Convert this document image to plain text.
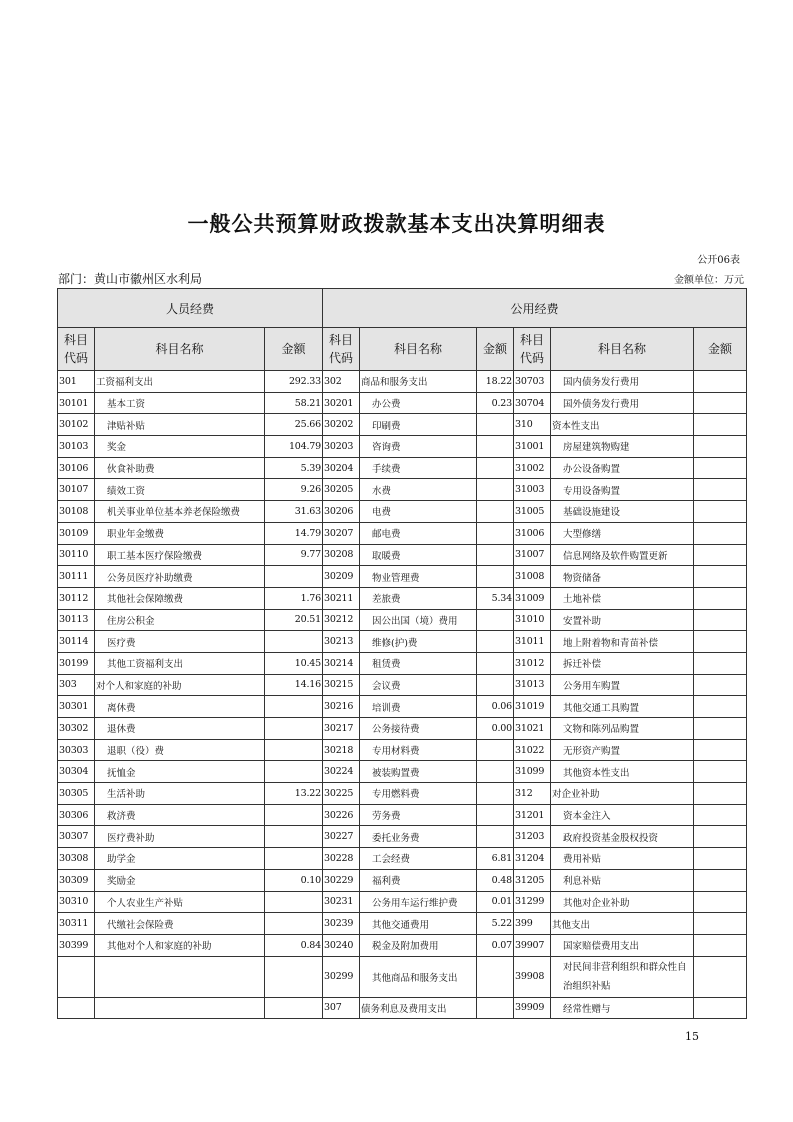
一般公共预算财政拨款基本支出决算明细表
公开06表
部门：黄山市徽州区水利局	金额单位：万元
人员经费			公用经费					
科目代码	科目名称	金额	科目代码	科目名称	金额	科目代码	科目名称	金额
301	工资福利支出	292.33	302	商品和服务支出	18.22	30703	国内债务发行费用	
30101	基本工资	58.21	30201	办公费	0.23	30704	国外债务发行费用	
30102	津贴补贴	25.66	30202	印刷费		310	资本性支出	
30103	奖金	104.79	30203	咨询费		31001	房屋建筑物购建	
30106	伙食补助费	5.39	30204	手续费		31002	办公设备购置	
30107	绩效工资	9.26	30205	水费		31003	专用设备购置	
30108	机关事业单位基本养老保险缴费	31.63	30206	电费		31005	基础设施建设	
30109	职业年金缴费	14.79	30207	邮电费		31006	大型修缮	
30110	职工基本医疗保险缴费	9.77	30208	取暖费		31007	信息网络及软件购置更新	
30111	公务员医疗补助缴费		30209	物业管理费		31008	物资储备	
30112	其他社会保障缴费	1.76	30211	差旅费	5.34	31009	土地补偿	
30113	住房公积金	20.51	30212	因公出国（境）费用		31010	安置补助	
30114	医疗费		30213	维修(护)费		31011	地上附着物和青苗补偿	
30199	其他工资福利支出	10.45	30214	租赁费		31012	拆迁补偿	
303	对个人和家庭的补助	14.16	30215	会议费		31013	公务用车购置	
30301	离休费		30216	培训费	0.06	31019	其他交通工具购置	
30302	退休费		30217	公务接待费	0.00	31021	文物和陈列品购置	
30303	退职（役）费		30218	专用材料费		31022	无形资产购置	
30304	抚恤金		30224	被装购置费		31099	其他资本性支出	
30305	生活补助	13.22	30225	专用燃料费		312	对企业补助	
30306	救济费		30226	劳务费		31201	资本金注入	
30307	医疗费补助		30227	委托业务费		31203	政府投资基金股权投资	
30308	助学金		30228	工会经费	6.81	31204	费用补贴	
30309	奖励金	0.10	30229	福利费	0.48	31205	利息补贴	
30310	个人农业生产补贴		30231	公务用车运行维护费	0.01	31299	其他对企业补助	
30311	代缴社会保险费		30239	其他交通费用	5.22	399	其他支出	
30399	其他对个人和家庭的补助	0.84	30240	税金及附加费用	0.07	39907	国家赔偿费用支出	
			30299	其他商品和服务支出		39908	对民间非营利组织和群众性自治组织补贴	
			307	债务利息及费用支出		39909	经常性赠与	
15
